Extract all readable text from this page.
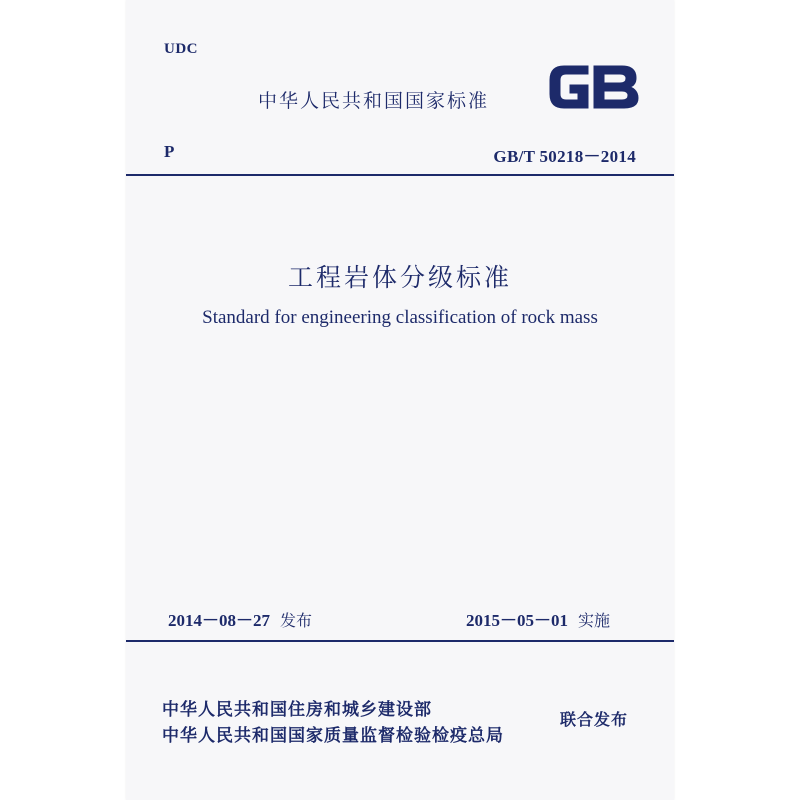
UDC
中华人民共和国国家标准
P	GB/T 50218－2014
工程岩体分级标准
Standard for engineering classification of rock mass
2014－08－27 发布	2015－05－01 实施
中华人民共和国住房和城乡建设部
中华人民共和国国家质量监督检验检疫总局
联合发布
